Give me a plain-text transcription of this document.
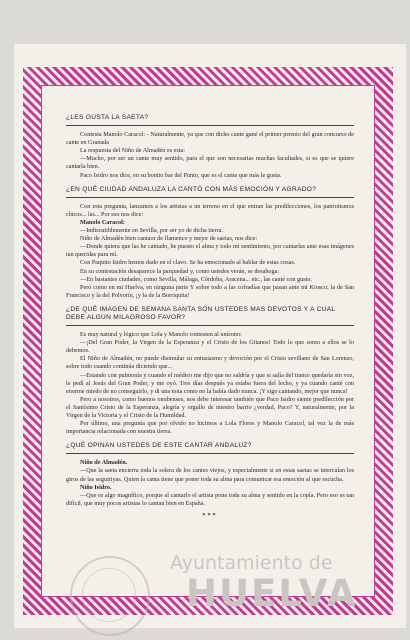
¿LES GUSTA LA SAETA?

Contesta Manolo Caracol: - Naturalmente, ya que con dicho cante gané el primer premio del gran concurso de cante en Granada

La respuesta del Niño de Almadén es esta:

—Mucho, por ser un cante muy sentido, para el que son necesarias muchas facultades, si es que se quiere cantarla bien.

Paco Isidro nos dice, en su bonito bar del Punto, que es el cante que más le gusta.

¿EN QUÉ CIUDAD ANDALUZA LA CANTÓ CON MÁS EMOCIÓN Y AGRADO?

Con esta pregunta, lanzamos a los artistas a un terreno en el que entran las predilecciones, los patriotismos chicos... las... Por eso nos dice:

Manolo Caracol:

—Indiscutiblemente en Sevilla, por ser yo de dicha tierra.

Niño de Almadén bien cantaor de flamenco y mejor de saetas, nos dice:

—Donde quiera que las he cantado, he puesto el alma y todo mi sentimiento, por cantarlas ante esas imágenes tan queridas para mí.

Con Paquito Isidro hemos dado en el clavo. Se ha emocionado al hablar de estas cosas.

En su contestación desaparece la parquedad y, como ustedes verán, se desahoga:

—En bastantes ciudades, como Sevilla, Málaga, Córdoba, Aracena... etc., las canté con gusto.

Pero como en mi Huelva, en ninguna parte Y sobre todo a las cofradías que pasan ante mi Kiosco; la de San Francisco y la del Polvorín, ¡y la de la Borriquita!

¿DE QUÉ IMAGEN DE SEMANA SANTA SON USTEDES MAS DEVOTOS Y A CUAL DEBE ALGUN MILAGROSO FAVOR?

Es muy natural y lógico que Lola y Manolo contesten al unísono:

—¡Del Gran Poder, la Virgen de la Esperanza y el Cristo de los Gitanos! Todo lo que somo a ellos se lo debemos.

El Niño de Almadén, no puede disimular su entusiasmo y devoción por el Cristo sevillano de San Lorenzo, sobre todo cuando continúa diciendo que...

—Estando con pulmonía y cuando el médico me dijo que no saldría y que si salía del trance quedaría sin voz, le pedí al Jesús del Gran Poder, y me oyó. Tres días después ya estaba fuera del lecho, y ya cuando canté con enorme miedo de no conseguirlo, y di una nota como no la había dado nunca. ¡Y sigo cantando, mejor que nunca!

Pero a nosotros, como buenos onubenses, nos debe interesar también que Paco Isidro siente predilección por el Santísimo Cristo de la Esperanza, alegría y orgullo de nuestro barrio ¿verdad, Paco? Y, naturalmente, por la Virgen de la Victoria y el Cristo de la Humildad.

Por último, una pregunta que por olvido no hicimos a Lola Flores y Manolo Caracol, tal vez la de más importancia relacionada con nuestra tierra.

¿QUÉ OPINAN USTEDES DE ESTE CANTAR ANDALUZ?

Niño de Almadén.

—Que la saeta encierra toda la solera de los cantes viejos, y especialmente si en estas saetas se intercalan los giros de las seguiriyas. Quien la canta tiene que poner toda su alma para comunicar esa emoción al que escucha.

Niño Isidro.

—Que es algo magnífico, porque al cantarlo el artista pone toda su alma y sentido en la copla. Pero eso es tan difícil, que muy pocos artistas lo cantan bien en España.

***
Ayuntamiento de
HUELVA
